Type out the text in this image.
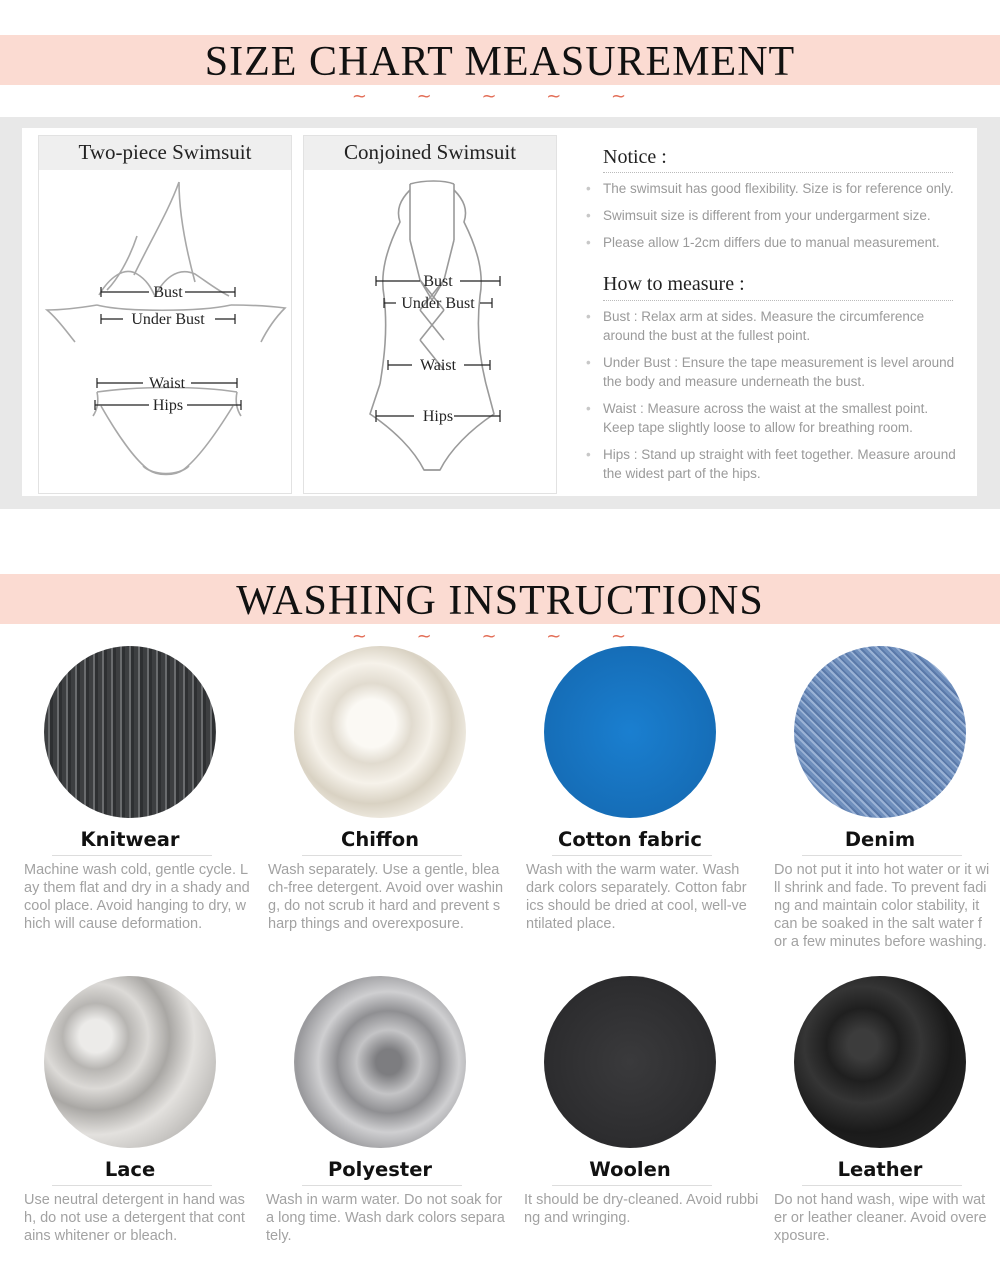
SIZE CHART MEASUREMENT
~ ~ ~ ~ ~
Two-piece Swimsuit
Bust
Under Bust
Waist
Hips
Conjoined Swimsuit
Bust
Under Bust
Waist
Hips
Notice :
• The swimsuit has good flexibility. Size is for reference only.
• Swimsuit size is different from your undergarment size.
• Please allow 1-2cm differs due to manual measurement.
How to measure :
• Bust : Relax arm at sides. Measure the circumference
around the bust at the fullest point.
• Under Bust : Ensure the tape measurement is level around
the body and measure underneath the bust.
• Waist : Measure across the waist at the smallest point.
Keep tape slightly loose to allow for breathing room.
• Hips : Stand up straight with feet together. Measure around
the widest part of the hips.
WASHING INSTRUCTIONS
~ ~ ~ ~ ~
Knitwear
Machine wash cold, gentle cycle. Lay them flat and dry in a shady and cool place. Avoid hanging to dry, which will cause deformation.
Chiffon
Wash separately. Use a gentle, bleach-free detergent. Avoid over washing, do not scrub it hard and prevent sharp things and overexposure.
Cotton fabric
Wash with the warm water. Wash dark colors separately. Cotton fabrics should be dried at cool, well-ventilated place.
Denim
Do not put it into hot water or it will shrink and fade. To prevent fading and maintain color stability, it can be soaked in the salt water for a few minutes before washing.
Lace
Use neutral detergent in hand wash, do not use a detergent that contains whitener or bleach.
Polyester
Wash in warm water. Do not soak for a long time. Wash dark colors separately.
Woolen
It should be dry-cleaned. Avoid rubbing and wringing.
Leather
Do not hand wash, wipe with water or leather cleaner. Avoid overexposure.
